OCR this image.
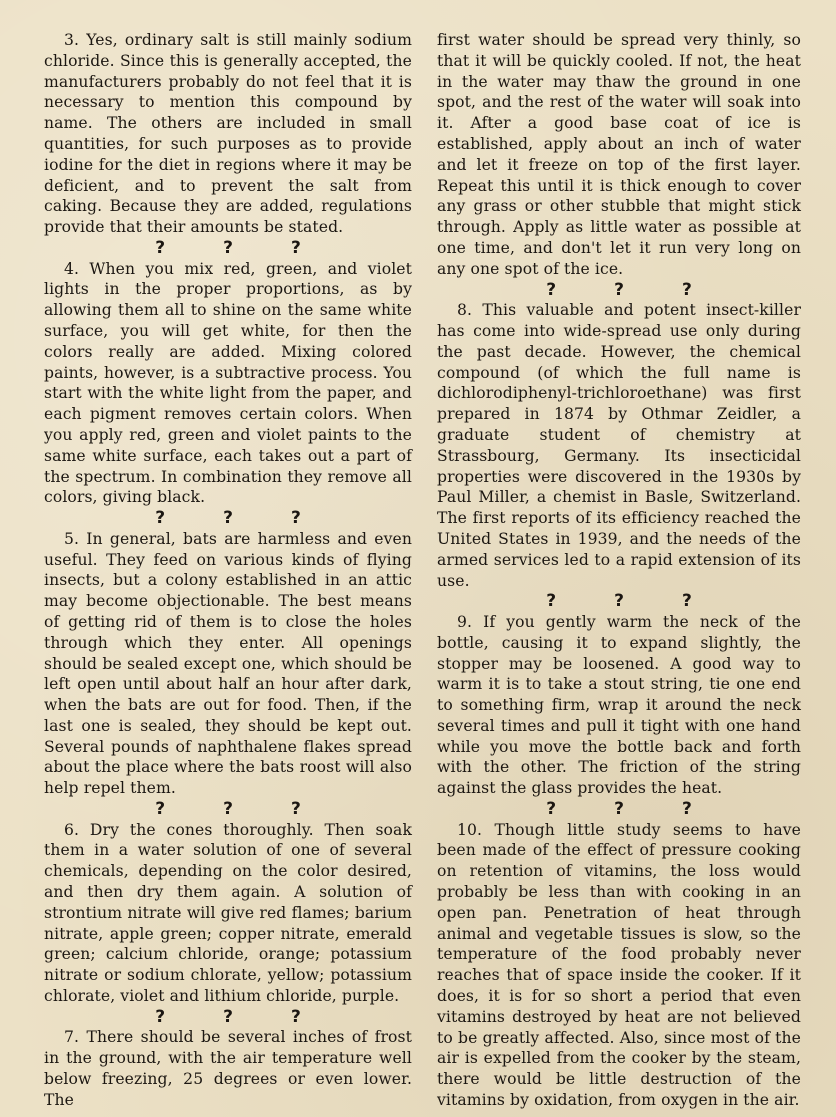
3. Yes, ordinary salt is still mainly sodium chloride. Since this is generally accepted, the manufacturers probably do not feel that it is necessary to mention this compound by name. The others are included in small quantities, for such purposes as to provide iodine for the diet in regions where it may be deficient, and to prevent the salt from caking. Because they are added, regulations provide that their amounts be stated.

?	?	?

4. When you mix red, green, and violet lights in the proper proportions, as by allowing them all to shine on the same white surface, you will get white, for then the colors really are added. Mixing colored paints, however, is a subtractive process. You start with the white light from the paper, and each pigment removes certain colors. When you apply red, green and violet paints to the same white surface, each takes out a part of the spectrum. In combination they remove all colors, giving black.

?	?	?

5. In general, bats are harmless and even useful. They feed on various kinds of flying insects, but a colony established in an attic may become objectionable. The best means of getting rid of them is to close the holes through which they enter. All openings should be sealed except one, which should be left open until about half an hour after dark, when the bats are out for food. Then, if the last one is sealed, they should be kept out. Several pounds of naphthalene flakes spread about the place where the bats roost will also help repel them.

?	?	?

6. Dry the cones thoroughly. Then soak them in a water solution of one of several chemicals, depending on the color desired, and then dry them again. A solution of strontium nitrate will give red flames; barium nitrate, apple green; copper nitrate, emerald green; calcium chloride, orange; potassium nitrate or sodium chlorate, yellow; potassium chlorate, violet and lithium chloride, purple.

?	?	?

7. There should be several inches of frost in the ground, with the air temperature well below freezing, 25 degrees or even lower. The

first water should be spread very thinly, so that it will be quickly cooled. If not, the heat in the water may thaw the ground in one spot, and the rest of the water will soak into it. After a good base coat of ice is established, apply about an inch of water and let it freeze on top of the first layer. Repeat this until it is thick enough to cover any grass or other stubble that might stick through. Apply as little water as possible at one time, and don't let it run very long on any one spot of the ice.

?	?	?

8. This valuable and potent insect-killer has come into wide-spread use only during the past decade. However, the chemical compound (of which the full name is dichlorodiphenyl-trichloroethane) was first prepared in 1874 by Othmar Zeidler, a graduate student of chemistry at Strassbourg, Germany. Its insecticidal properties were discovered in the 1930s by Paul Miller, a chemist in Basle, Switzerland. The first reports of its efficiency reached the United States in 1939, and the needs of the armed services led to a rapid extension of its use.

?	?	?

9. If you gently warm the neck of the bottle, causing it to expand slightly, the stopper may be loosened. A good way to warm it is to take a stout string, tie one end to something firm, wrap it around the neck several times and pull it tight with one hand while you move the bottle back and forth with the other. The friction of the string against the glass provides the heat.

?	?	?

10. Though little study seems to have been made of the effect of pressure cooking on retention of vitamins, the loss would probably be less than with cooking in an open pan. Penetration of heat through animal and vegetable tissues is slow, so the temperature of the food probably never reaches that of space inside the cooker. If it does, it is for so short a period that even vitamins destroyed by heat are not believed to be greatly affected. Also, since most of the air is expelled from the cooker by the steam, there would be little destruction of the vitamins by oxidation, from oxygen in the air.
